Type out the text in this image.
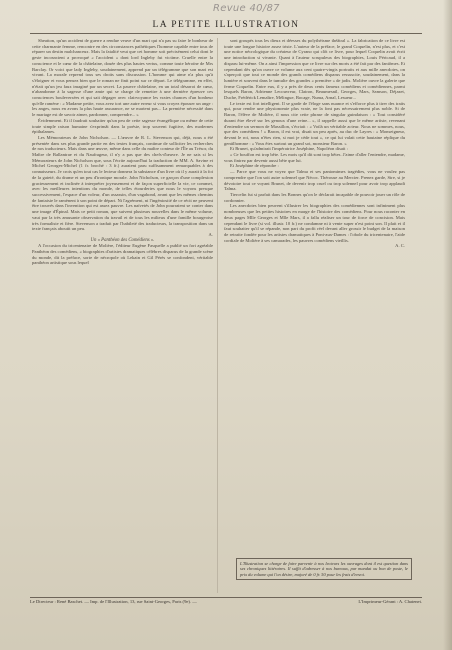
Revue 40/87
LA PETITE ILLUSTRATION

Sheatton, qu'un accident de guerre a rendue veuve d'un mari qui n'a pas su faire le bonheur de cette charmante femme, rencontre en des circonstances pathétiques l'homme capable entre tous de réparer un destin malchanceux. Mais la fatalité veut que cet homme soit précisément celui dont le geste incosncient a provoqué « l'accident » dont lord Ingleby fut victime. Cruelle entre la conscience et le cœur de la châtelaine, douée des plus hautes vertus, comme toute héroïne de Mrs Barclay. Or voici que lady Ingleby, soudainement, apprend par un télégramme que son mari est vivant. La morale reprend tous ses droits sans discussion. L'homme qui aime n'a plus qu'à s'éloigner et vous pensez bien que le roman ne finit point sur ce départ. Le télégramme, en effet, n'était qu'un jeu faux imaginé par un secret. La pauvre châtelaine, en un total désarroi de cœur, n'abandonne à la sagesse d'une amie qui se charge de remettre à une dernière épreuve ces consciences bouleversées et qui sait dégager avec clairvoyance les vraies chances d'un bonheur qu'elle ramène : « Madame petite, vous avez tort une autre erreur si vous croyez épouser un ange : les anges, nous en avons la plus haute assurance, ne se marient pas... La première nécessité dans le mariage est de savoir aimer, pardonner, comprendre... »

Évidemment. Et il faudrait souhaiter qu'un peu de cette sagesse évangélique ou même de cette toute simple raison humaine s'exprimât dans la poésie, trop souvent fugitive, des modernes épithalames.

Les Mémorateurs de John Nicholson. — L'œuvre de R. L. Stevenson qui, déjà, nous a été présentée dans ses plus grande partie en des textes français, continue de solliciter les recherches de nos traducteurs. Mais dans une œuvre, même dans celle du maître conteur de l'Île au Trésor, du Maître de Ballantrae et du Naufrageur, il n'y a pas que des chefs-d'œuvre. Je ne sais si les Mémorateurs de John Nicholson que, sous l'écrite aujourd'hui la traduction de MM. A. Savine et Michel Georges-Michel (1 fr. broché : 3 fr.) auraient paru suffisamment remarquables à des connaisseurs. Je crois qu'en tout cas le lecteur donnera la substance d'un livre où il y aurait à la foi de la gaieté, du drame et un peu d'ironique morale. John Nicholson, ce garçon d'une complexion gracieusement et inclinée à interpréter joyeusement et de façon superficielle la vie, ce commet, avec les meilleures intentions du monde, de telles étourderies que nous le voyons presque successivement, l'espace d'un voleur, d'un assassin, d'un vagabond, avant que les mêmes chemins de fantaisie le ramènent à son point de départ. Ni l'agrément, ni l'ingéniosité de ce récit ne peuvent être trouvés dans l'invention qui est assez pauvre. Les naïvetés de John pourraient se conter dans une image d'Épinal. Mais ce petit roman, que suivent plusieurs nouvelles dans le même volume, vaut par la très amusante observation du travail et de tous les milieux d'une famille bourgeoise très formaliste et fière. Stevenson a traduit par l'habileté des traducteurs, la transposition dans un texte français aboutit un peu.

A.

Un « Panthéon des Comédiens ».

A l'occasion du tricentenaire de Molière, l'éditeur Eugène Fasquelle a publié un fort agréable Panthéon des comédiens, « biographies d'artistes dramatiques célèbres disparus de la grande scène du monde, dit la préface, sorte de nécropole où Lekain et Gil Pérès se confondent, véritable panthéon artistique sous lequel

sont groupés tous les dieux et déesses du polythéisme théâtral ». La fabrication de ce livre est toute une longue histoire assez triste. L'auteur de la préface, le grand Coquelin, n'est plus, et c'est une notice nécrologique du créateur de Cyrano qui clôt ce livre, pour lequel Coquelin avait écrit une introduction si vivante. Quant à l'auteur scrupuleux des biographies, Louis Péricaud, il a disparu lui-même. On a ainsi l'impression que ce livre sur des morts a été fait par des fantômes. Et cependant dès qu'on ouvre ce volume aux cent quatre-vingts portraits et aux mille anecdotes, on s'aperçoit que tout ce monde des grands comédiens disparus ressuscite, soudainement, dans la lumière et souvent dans le tumulte des grandes « première » de jadis. Molière ouvre la galerie que ferme Coquelin. Entre eux, il y a près de deux cents fameux comédiens et comédiennes, parmi lesquels Baron, Adrienne Lecouvreur, Clairon, Beaumesnil, Georges, Mars, Samson, Déjazet, Duche, Frédérick Lemaître, Mélingue, Bocage, Numa, Arnal, Lesueur...

Le texte est fort intelligent. Il se garde de l'éloge sans nuance et s'efforce plus à tirer des traits qui, pour rendre une physionomie plus vraie, ne la font pas nécessairement plus noble. Si de Baron, l'élève de Molière, il nous cite cette phrase de singular guindaison : « Tout considéré durant être élevé sur les genoux d'une reine... », il rappelle aussi que le même artiste, revenant d'entendre un sermon de Massillon, s'écriait : « Voilà un véritable acteur. Nous ne sommes, nous, que des comédiens ! » Baron, il est vrai, disait un peu après, au duc de Layres : « Monseigneur, devant le roi, nous n'êtes rien, si moi je cède tout », ce qui lui valait cette hautaine réplique du gentilhomme : « Vous êtes surtout un grand sot, monsieur Baron. »

Et Brunet, qu'admirait l'impératrice Joséphine, Napoléon disait :

« Ce bouffon est trop bête. Les mots qu'il dit sont trop bêtes. J'aime d'aller l'entendre, madame, vous finirez par devenir aussi bête que lui.

Et Joséphine de répondre :

— Parce que vous ne voyez que Talma et ses pantomimes tragédies, vous ne voulez pas comprendre que l'on soit autre solennel que Nécoc. Thérouse au Mercier. Prenez garde, Sire, si je dévotoire tout ce voyant Brunet, de devenir trop cruel ou trop solennel pour avoir trop applaudi Talma.

Tiercelin fut si parfait dans les Bonnes qu'on le déclarait incapable de pouvoir jouer un rôle de cordonnier.

Les anecdotes bien peuvent s'illustrer les biographies des comédiennes sont infiniment plus nombreuses que les petites histoires en marge de l'histoire des comédiens. Pour nous raconter en deux pages Mlle Georges et Mlle Mars, il a fallu réaliser un tour de force de concision. Mais cependant le livre (si vol. illustr. 10 fr.) ne condamne ni à vente super n'est point son. Il plait et il faut souhaiter qu'il se répande, non part du profit réel devant aller grossir le budget de la maison de retraite fondée pour les artistes dramatiques à Pont-aux-Dames : l'obole du tricentenaire, l'aide cordiale de Molière à ses camarades, les pauvres comédiens vieillis.

A. C.

L'Illustration se charge de faire parvenir à nos lecteurs les ouvrages dont il est question dans ses chroniques littéraires. Il suffit d'adresser à nos bureaux, par mandat ou bon de poste, le prix du volume qui l'on désire, majoré de 0 fr. 50 pour les frais d'envoi.
Le Directeur : René Baschet. — Imp. de l'Illustration, 13, rue Saint-Georges, Paris (9e). —	L'Imprimeur-Gérant : A. Chatenet.
